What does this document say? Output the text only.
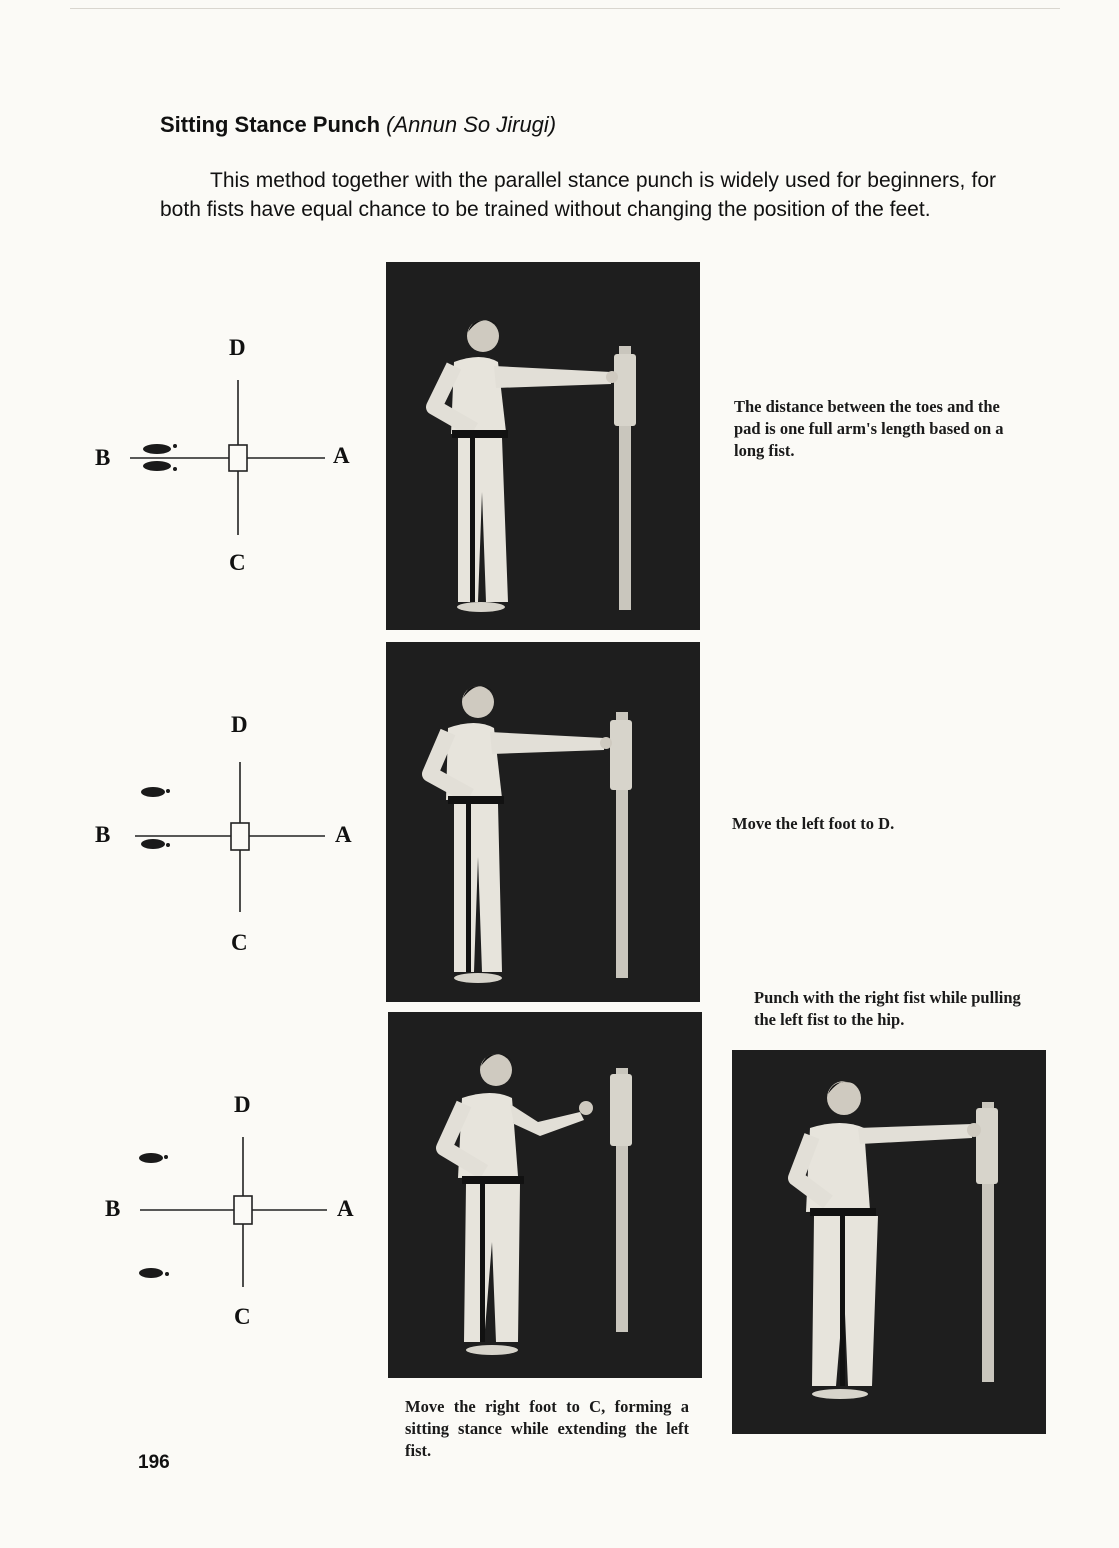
Sitting Stance Punch (Annun So Jirugi)

This method together with the parallel stance punch is widely used for beginners, for both fists have equal chance to be trained without changing the position of the feet.

D
B	A
C
D
B	A
C
D
B	A
C

The distance between the toes and the pad is one full arm's length based on a long fist.

Move the left foot to D.

Punch with the right fist while pulling the left fist to the hip.

Move the right foot to C, forming a sitting stance while extending the left fist.

196
